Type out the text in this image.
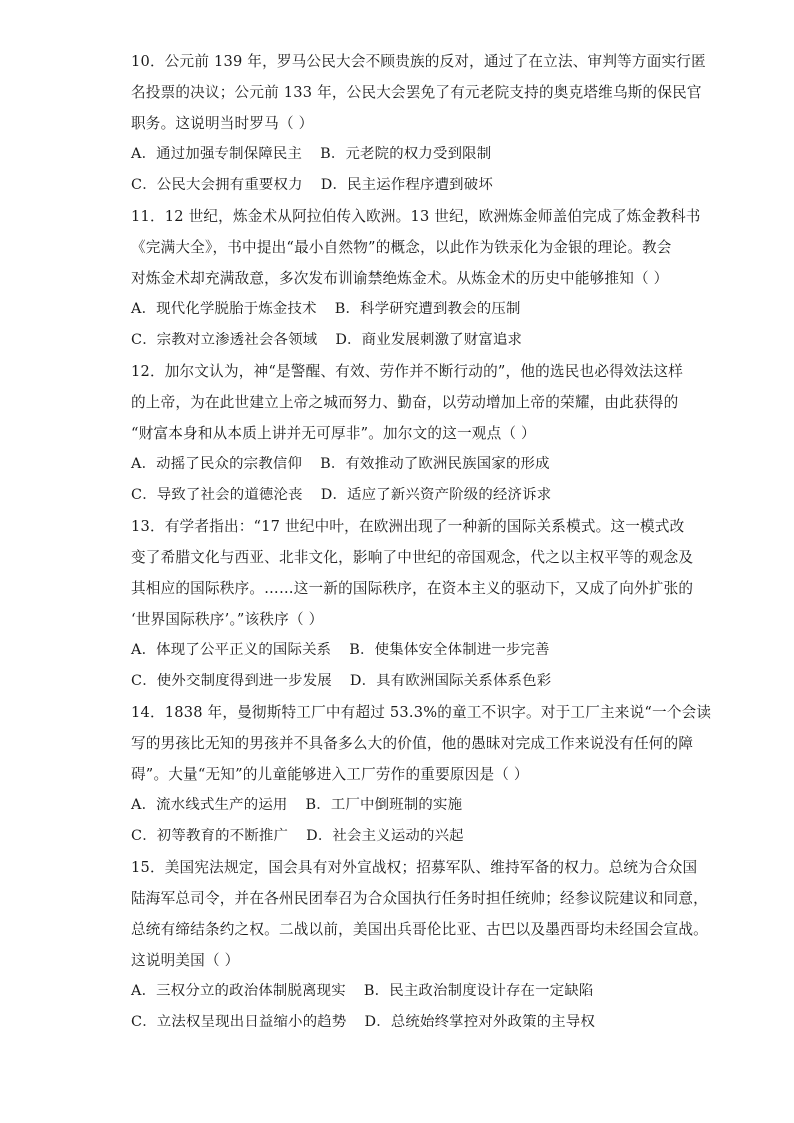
10．公元前 139 年，罗马公民大会不顾贵族的反对，通过了在立法、审判等方面实行匿
名投票的决议；公元前 133 年，公民大会罢免了有元老院支持的奥克塔维乌斯的保民官
职务。这说明当时罗马（ ）
A．通过加强专制保障民主 B．元老院的权力受到限制
C．公民大会拥有重要权力 D．民主运作程序遭到破坏
11．12 世纪，炼金术从阿拉伯传入欧洲。13 世纪，欧洲炼金师盖伯完成了炼金教科书
《完满大全》，书中提出“最小自然物”的概念，以此作为铁汞化为金银的理论。教会
对炼金术却充满敌意，多次发布训谕禁绝炼金术。从炼金术的历史中能够推知（ ）
A．现代化学脱胎于炼金技术 B．科学研究遭到教会的压制
C．宗教对立渗透社会各领域 D．商业发展刺激了财富追求
12．加尔文认为，神“是警醒、有效、劳作并不断行动的”，他的选民也必得效法这样
的上帝，为在此世建立上帝之城而努力、勤奋，以劳动增加上帝的荣耀，由此获得的
“财富本身和从本质上讲并无可厚非”。加尔文的这一观点（ ）
A．动摇了民众的宗教信仰 B．有效推动了欧洲民族国家的形成
C．导致了社会的道德沦丧 D．适应了新兴资产阶级的经济诉求
13．有学者指出：“17 世纪中叶，在欧洲出现了一种新的国际关系模式。这一模式改
变了希腊文化与西亚、北非文化，影响了中世纪的帝国观念，代之以主权平等的观念及
其相应的国际秩序。……这一新的国际秩序，在资本主义的驱动下，又成了向外扩张的
‘世界国际秩序’。”该秩序（ ）
A．体现了公平正义的国际关系 B．使集体安全体制进一步完善
C．使外交制度得到进一步发展 D．具有欧洲国际关系体系色彩
14．1838 年，曼彻斯特工厂中有超过 53.3%的童工不识字。对于工厂主来说“一个会读
写的男孩比无知的男孩并不具备多么大的价值，他的愚昧对完成工作来说没有任何的障
碍”。大量“无知”的儿童能够进入工厂劳作的重要原因是（ ）
A．流水线式生产的运用 B．工厂中倒班制的实施
C．初等教育的不断推广 D．社会主义运动的兴起
15．美国宪法规定，国会具有对外宣战权；招募军队、维持军备的权力。总统为合众国
陆海军总司令，并在各州民团奉召为合众国执行任务时担任统帅；经参议院建议和同意，
总统有缔结条约之权。二战以前，美国出兵哥伦比亚、古巴以及墨西哥均未经国会宣战。
这说明美国（ ）
A．三权分立的政治体制脱离现实 B．民主政治制度设计存在一定缺陷
C．立法权呈现出日益缩小的趋势 D．总统始终掌控对外政策的主导权
